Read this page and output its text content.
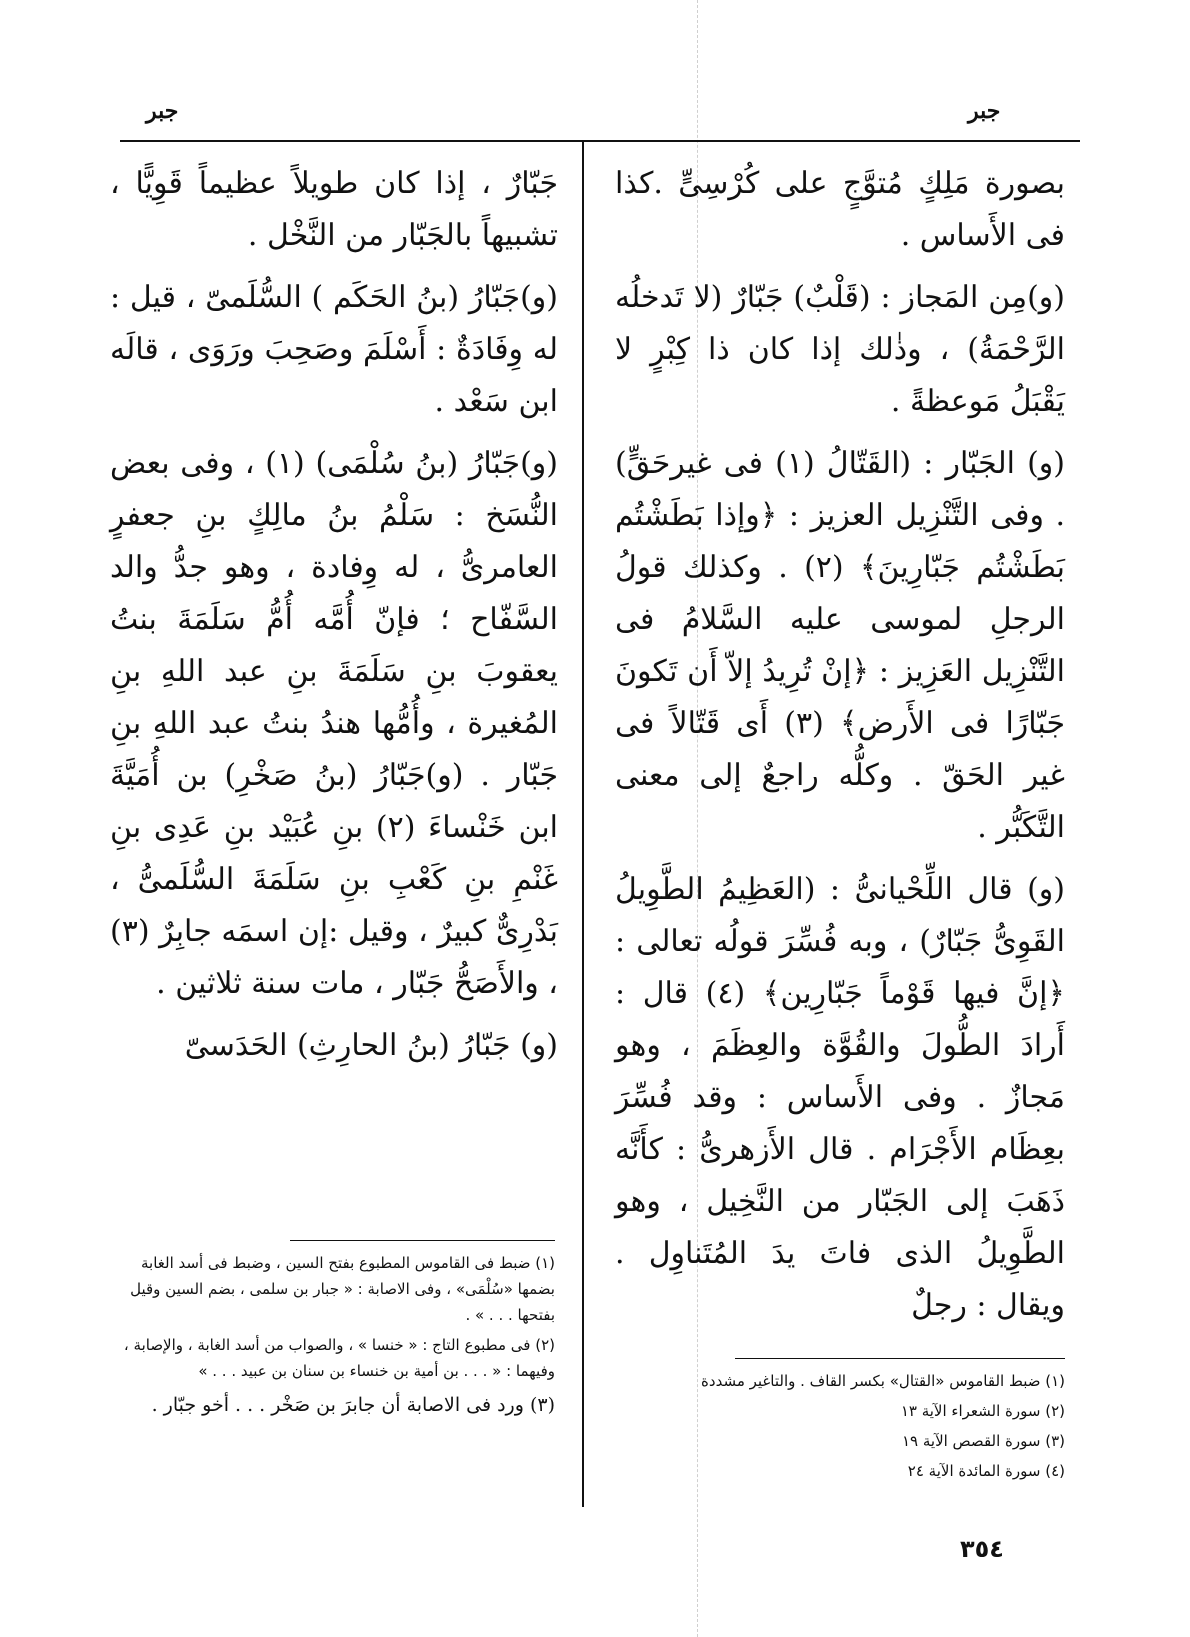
جبر
جبر

بصورة مَلِكٍ مُتوَّجٍ على كُرْسِىٍّ .كذا فى الأَساس .

(و)مِن المَجاز : (قَلْبٌ) جَبّارٌ (لا تَدخلُه الرَّحْمَةُ) ، وذٰلك إذا كان ذا كِبْرٍ لا يَقْبَلُ مَوعظةً .

(و) الجَبّار : (القَتّالُ (١) فى غيرحَقٍّ) . وفى التَّنْزِيل العزيز : ﴿وإذا بَطَشْتُم بَطَشْتُم جَبّارِينَ﴾ (٢) . وكذلك قولُ الرجلِ لموسى عليه السَّلامُ فى التَّنْزِيل العَزِيز : ﴿إنْ تُرِيدُ إلاّ أَن تَكونَ جَبّارًا فى الأَرض﴾ (٣) أَى قَتّالاً فى غير الحَقّ . وكلُّه راجعٌ إلى معنى التَّكَبُّر .

(و) قال اللِّحْيانىُّ : (العَظِيمُ الطَّوِيلُ القَوِىُّ جَبّارٌ) ، وبه فُسِّرَ قولُه تعالى : ﴿إنَّ فيها قَوْماً جَبّارِين﴾ (٤) قال : أَرادَ الطُّولَ والقُوَّة والعِظَمَ ، وهو مَجازٌ . وفى الأَساس : وقد فُسِّرَ بعِظَام الأَجْرَام . قال الأَزهرىُّ : كأَنَّه ذَهَبَ إلى الجَبّار من النَّخِيل ، وهو الطَّوِيلُ الذى فاتَ يدَ المُتَناوِل . ويقال : رجلٌ

جَبّارٌ ، إذا كان طويلاً عظيماً قَوِيًّا ، تشبيهاً بالجَبّار من النَّخْل .

(و)جَبّارُ (بنُ الحَكَم ) السُّلَمىّ ، قيل : له وِفَادَةٌ : أَسْلَمَ وصَحِبَ ورَوَى ، قالَه ابن سَعْد .

(و)جَبّارُ (بنُ سُلْمَى) (١) ، وفى بعض النُّسَخ : سَلْمُ بنُ مالِكٍ بنِ جعفرٍ العامرىُّ ، له وِفادة ، وهو جدُّ والد السَّفّاح ؛ فإنّ أُمَّه أُمُّ سَلَمَةَ بنتُ يعقوبَ بنِ سَلَمَةَ بنِ عبد اللهِ بنِ المُغيرة ، وأُمُّها هندُ بنتُ عبد اللهِ بنِ جَبّار . (و)جَبّارُ (بنُ صَخْرِ) بن أُمَيَّةَ ابن خَنْساءَ (٢) بنِ عُبَيْد بنِ عَدِى بنِ غَنْمِ بنِ كَعْبِ بنِ سَلَمَةَ السُّلَمىُّ ، بَدْرِىٌّ كبيرٌ ، وقيل :إن اسمَه جابِرٌ (٣) ، والأَصَحُّ جَبّار ، مات سنة ثلاثين .

(و) جَبّارُ (بنُ الحارِثِ) الحَدَسىّ

(١) ضبط القاموس «القتال» بكسر القاف . والتاغير مشددة
(٢) سورة الشعراء الآية ١٣
(٣) سورة القصص الآية ١٩
(٤) سورة المائدة الآية ٢٤
(١) ضبط فى القاموس المطبوع بفتح السين ، وضبط فى أسد الغابة بضمها «سُلْمَى» ، وفى الاصابة : « جبار بن سلمى ، بضم السين وقيل بفتحها . . . » .
(٢) فى مطبوع التاج : « خنسا » ، والصواب من أسد الغابة ، والإصابة ، وفيهما : « . . . بن أمية بن خنساء بن سنان بن عبيد . . . »
(٣) ورد فى الاصابة أن جابرَ بن صَخْر . . . أخو جبّار .
٣٥٤
